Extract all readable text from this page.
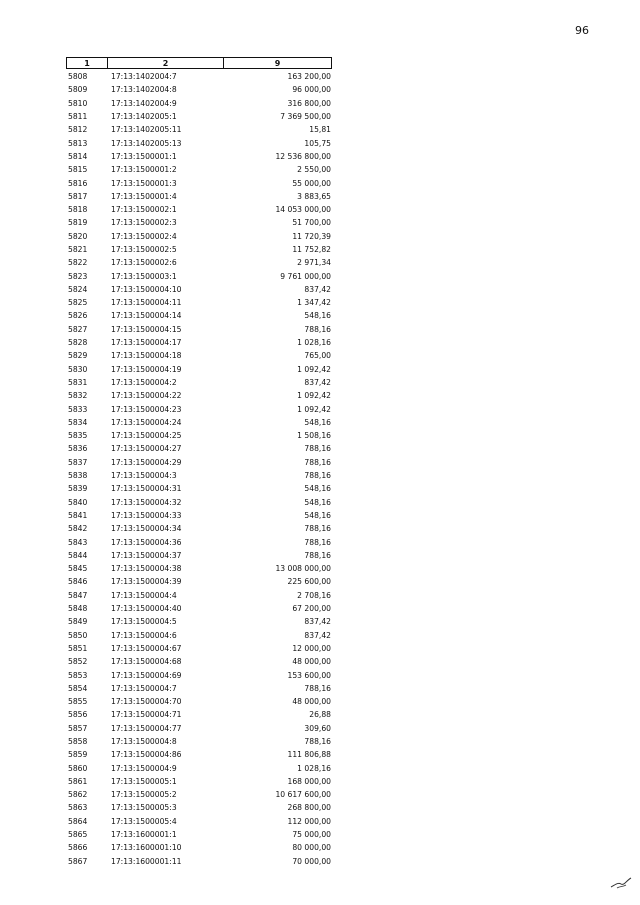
96
1	2	9
5808	17:13:1402004:7	163 200,00
5809	17:13:1402004:8	96 000,00
5810	17:13:1402004:9	316 800,00
5811	17:13:1402005:1	7 369 500,00
5812	17:13:1402005:11	15,81
5813	17:13:1402005:13	105,75
5814	17:13:1500001:1	12 536 800,00
5815	17:13:1500001:2	2 550,00
5816	17:13:1500001:3	55 000,00
5817	17:13:1500001:4	3 883,65
5818	17:13:1500002:1	14 053 000,00
5819	17:13:1500002:3	51 700,00
5820	17:13:1500002:4	11 720,39
5821	17:13:1500002:5	11 752,82
5822	17:13:1500002:6	2 971,34
5823	17:13:1500003:1	9 761 000,00
5824	17:13:1500004:10	837,42
5825	17:13:1500004:11	1 347,42
5826	17:13:1500004:14	548,16
5827	17:13:1500004:15	788,16
5828	17:13:1500004:17	1 028,16
5829	17:13:1500004:18	765,00
5830	17:13:1500004:19	1 092,42
5831	17:13:1500004:2	837,42
5832	17:13:1500004:22	1 092,42
5833	17:13:1500004:23	1 092,42
5834	17:13:1500004:24	548,16
5835	17:13:1500004:25	1 508,16
5836	17:13:1500004:27	788,16
5837	17:13:1500004:29	788,16
5838	17:13:1500004:3	788,16
5839	17:13:1500004:31	548,16
5840	17:13:1500004:32	548,16
5841	17:13:1500004:33	548,16
5842	17:13:1500004:34	788,16
5843	17:13:1500004:36	788,16
5844	17:13:1500004:37	788,16
5845	17:13:1500004:38	13 008 000,00
5846	17:13:1500004:39	225 600,00
5847	17:13:1500004:4	2 708,16
5848	17:13:1500004:40	67 200,00
5849	17:13:1500004:5	837,42
5850	17:13:1500004:6	837,42
5851	17:13:1500004:67	12 000,00
5852	17:13:1500004:68	48 000,00
5853	17:13:1500004:69	153 600,00
5854	17:13:1500004:7	788,16
5855	17:13:1500004:70	48 000,00
5856	17:13:1500004:71	26,88
5857	17:13:1500004:77	309,60
5858	17:13:1500004:8	788,16
5859	17:13:1500004:86	111 806,88
5860	17:13:1500004:9	1 028,16
5861	17:13:1500005:1	168 000,00
5862	17:13:1500005:2	10 617 600,00
5863	17:13:1500005:3	268 800,00
5864	17:13:1500005:4	112 000,00
5865	17:13:1600001:1	75 000,00
5866	17:13:1600001:10	80 000,00
5867	17:13:1600001:11	70 000,00
